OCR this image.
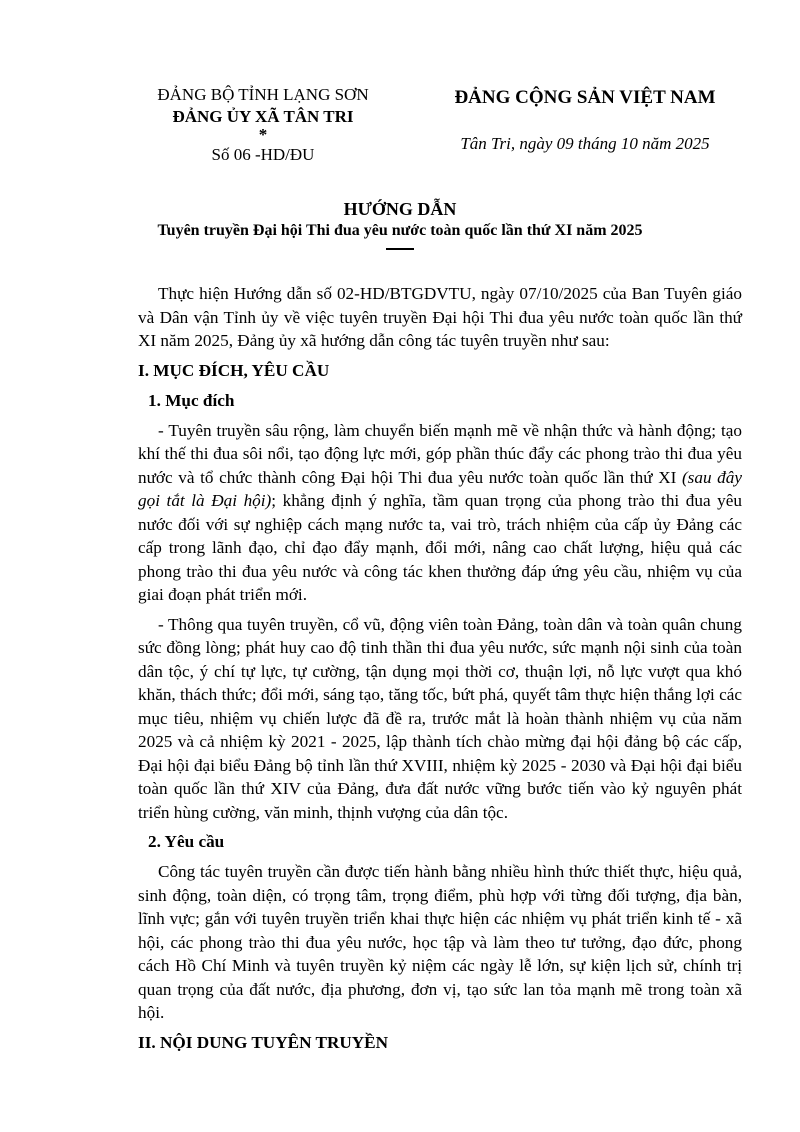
ĐẢNG BỘ TỈNH LẠNG SƠN
ĐẢNG ỦY XÃ TÂN TRI
*
Số 06 -HD/ĐU
ĐẢNG CỘNG SẢN VIỆT NAM
Tân Tri, ngày 09 tháng 10 năm 2025
HƯỚNG DẪN
Tuyên truyền Đại hội Thi đua yêu nước toàn quốc lần thứ XI năm 2025

Thực hiện Hướng dẫn số 02-HD/BTGDVTU, ngày 07/10/2025 của Ban Tuyên giáo và Dân vận Tỉnh ủy về việc tuyên truyền Đại hội Thi đua yêu nước toàn quốc lần thứ XI năm 2025, Đảng ủy xã hướng dẫn công tác tuyên truyền như sau:

I. MỤC ĐÍCH, YÊU CẦU
1. Mục đích

- Tuyên truyền sâu rộng, làm chuyển biến mạnh mẽ về nhận thức và hành động; tạo khí thế thi đua sôi nổi, tạo động lực mới, góp phần thúc đẩy các phong trào thi đua yêu nước và tổ chức thành công Đại hội Thi đua yêu nước toàn quốc lần thứ XI (sau đây gọi tắt là Đại hội); khẳng định ý nghĩa, tầm quan trọng của phong trào thi đua yêu nước đối với sự nghiệp cách mạng nước ta, vai trò, trách nhiệm của cấp ủy Đảng các cấp trong lãnh đạo, chỉ đạo đẩy mạnh, đổi mới, nâng cao chất lượng, hiệu quả các phong trào thi đua yêu nước và công tác khen thưởng đáp ứng yêu cầu, nhiệm vụ của giai đoạn phát triển mới.

- Thông qua tuyên truyền, cổ vũ, động viên toàn Đảng, toàn dân và toàn quân chung sức đồng lòng; phát huy cao độ tinh thần thi đua yêu nước, sức mạnh nội sinh của toàn dân tộc, ý chí tự lực, tự cường, tận dụng mọi thời cơ, thuận lợi, nỗ lực vượt qua khó khăn, thách thức; đổi mới, sáng tạo, tăng tốc, bứt phá, quyết tâm thực hiện thắng lợi các mục tiêu, nhiệm vụ chiến lược đã đề ra, trước mắt là hoàn thành nhiệm vụ của năm 2025 và cả nhiệm kỳ 2021 - 2025, lập thành tích chào mừng đại hội đảng bộ các cấp, Đại hội đại biểu Đảng bộ tỉnh lần thứ XVIII, nhiệm kỳ 2025 - 2030 và Đại hội đại biểu toàn quốc lần thứ XIV của Đảng, đưa đất nước vững bước tiến vào kỷ nguyên phát triển hùng cường, văn minh, thịnh vượng của dân tộc.

2. Yêu cầu

Công tác tuyên truyền cần được tiến hành bằng nhiều hình thức thiết thực, hiệu quả, sinh động, toàn diện, có trọng tâm, trọng điểm, phù hợp với từng đối tượng, địa bàn, lĩnh vực; gắn với tuyên truyền triển khai thực hiện các nhiệm vụ phát triển kinh tế - xã hội, các phong trào thi đua yêu nước, học tập và làm theo tư tưởng, đạo đức, phong cách Hồ Chí Minh và tuyên truyền kỷ niệm các ngày lễ lớn, sự kiện lịch sử, chính trị quan trọng của đất nước, địa phương, đơn vị, tạo sức lan tỏa mạnh mẽ trong toàn xã hội.

II. NỘI DUNG TUYÊN TRUYỀN
